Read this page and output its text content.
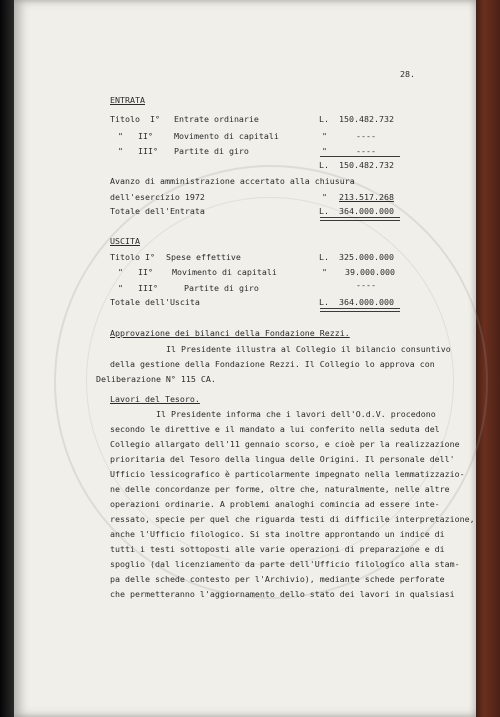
28.
ENTRATA
Titolo  I° Entrate ordinarie	L. 150.482.732
"   II°	Movimento di capitali	"	----
"   III° Partite di giro	"	----
L. 150.482.732
Avanzo di amministrazione accertato alla chiusura
dell'esercizio 1972	" 213.517.268
Totale dell'Entrata	L. 364.000.000
USCITA
Titolo I° Spese effettive	L. 325.000.000
"   II° Movimento di capitali	" 39.000.000
"   III°	Partite di giro	----
Totale dell'Uscita	L. 364.000.000
Approvazione dei bilanci della Fondazione Rezzi.
Il Presidente illustra al Collegio il bilancio consuntivo
della gestione della Fondazione Rezzi. Il Collegio lo approva con
Deliberazione N° 115 CA.
Lavori del Tesoro.
Il Presidente informa che i lavori dell'O.d.V. procedono
secondo le direttive e il mandato a lui conferito nella seduta del
Collegio allargato dell'11 gennaio scorso, e cioè per la realizzazione
prioritaria del Tesoro della lingua delle Origini. Il personale dell'
Ufficio lessicografico è particolarmente impegnato nella lemmatizzazio-
ne delle concordanze per forme, oltre che, naturalmente, nelle altre
operazioni ordinarie. A problemi analoghi comincia ad essere inte-
ressato, specie per quel che riguarda testi di difficile interpretazione,
anche l'Ufficio filologico. Si sta inoltre approntando un indice di
tutti i testi sottoposti alle varie operazioni di preparazione e di
spoglio (dal licenziamento da parte dell'Ufficio filologico alla stam-
pa delle schede contesto per l'Archivio), mediante schede perforate
che permetteranno l'aggiornamento dello stato dei lavori in qualsiasi
